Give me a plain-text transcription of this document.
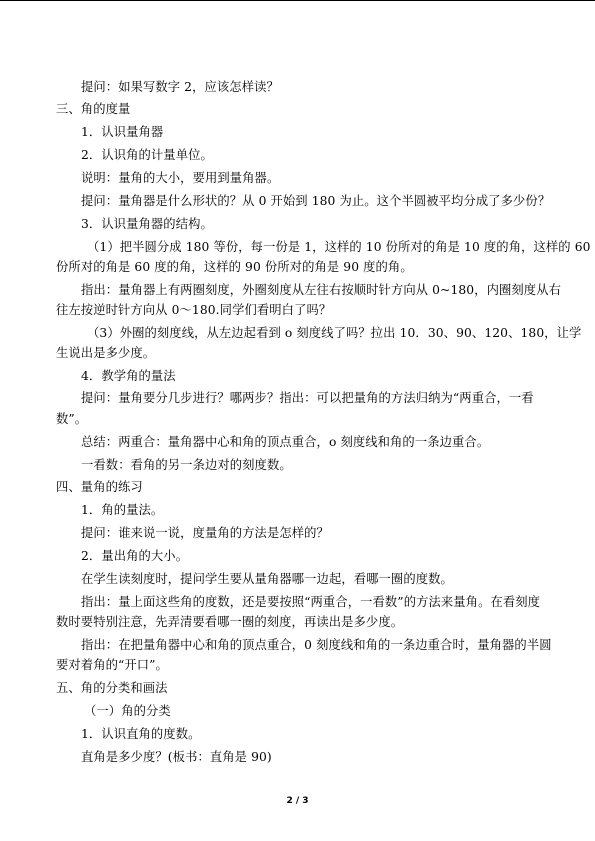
提问：如果写数字 2，应该怎样读？
三、角的度量
1．认识量角器
2．认识角的计量单位。
说明：量角的大小，要用到量角器。
提问：量角器是什么形状的？从 0 开始到 180 为止。这个半圆被平均分成了多少份？
3．认识量角器的结构。
（1）把半圆分成 180 等份，每一份是 1，这样的 10 份所对的角是 10 度的角，这样的 60
份所对的角是 60 度的角，这样的 90 份所对的角是 90 度的角。
指出：量角器上有两圈刻度，外圈刻度从左往右按顺时针方向从 0~180，内圈刻度从右
往左按逆时针方向从 0～180.同学们看明白了吗？
（3）外圈的刻度线，从左边起看到 o 刻度线了吗？拉出 10．30、90、120、180，让学
生说出是多少度。
4．教学角的量法
提问：量角要分几步进行？哪两步？指出：可以把量角的方法归纳为“两重合，一看
数”。
总结：两重合：量角器中心和角的顶点重合，o 刻度线和角的一条边重合。
一看数：看角的另一条边对的刻度数。
四、量角的练习
1．角的量法。
提问：谁来说一说，度量角的方法是怎样的？
2．量出角的大小。
在学生读刻度时，提问学生要从量角器哪一边起，看哪一圈的度数。
指出：量上面这些角的度数，还是要按照“两重合，一看数”的方法来量角。在看刻度
数时要特别注意，先弄清要看哪一圈的刻度，再读出是多少度。
指出：在把量角器中心和角的顶点重合，0 刻度线和角的一条边重合时，量角器的半圆
要对着角的“开口”。
五、角的分类和画法
（一）角的分类
1．认识直角的度数。
直角是多少度？(板书：直角是 90)
2 / 3
